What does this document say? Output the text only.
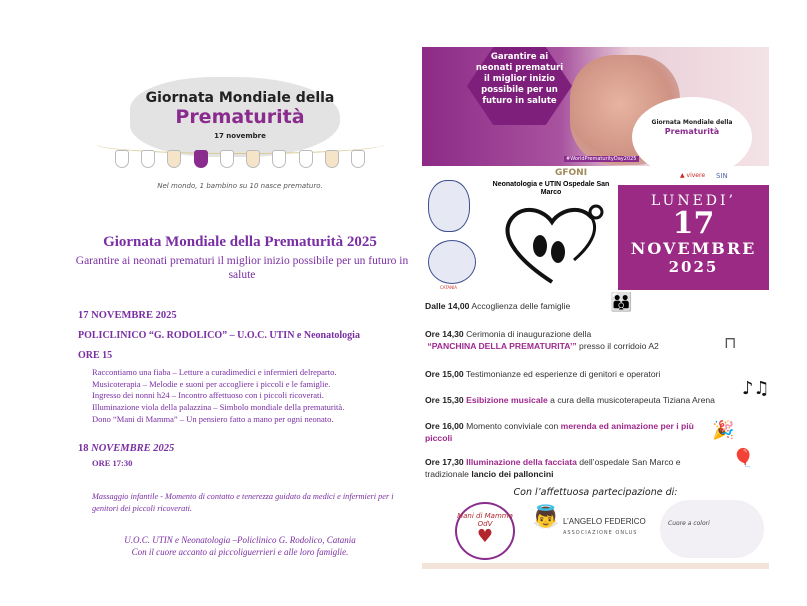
Giornata Mondiale della
Prematurità
17 novembre
Nel mondo, 1 bambino su 10 nasce prematuro.
Giornata Mondiale della Prematurità 2025
Garantire ai neonati prematuri il miglior inizio possibile per un futuro in salute
17 NOVEMBRE 2025
POLICLINICO “G. RODOLICO” – U.O.C. UTIN e Neonatologia
ORE 15
Raccontiamo una fiaba – Letture a curadimedici e infermieri delreparto.
Musicoterapia – Melodie e suoni per accogliere i piccoli e le famiglie.
Ingresso dei nonni h24 – Incontro affettuoso con i piccoli ricoverati.
Illuminazione viola della palazzina – Simbolo mondiale della prematurità.
Dono “Mani di Mamma” – Un pensiero fatto a mano per ogni neonato.
18 NOVEMBRE 2025
ORE 17:30
Massaggio infantile - Momento di contatto e tenerezza guidato da medici e infermieri per i genitori dei piccoli ricoverati.
U.O.C. UTIN e Neonatologia –Policlinico G. Rodolico, Catania
Con il cuore accanto ai piccoliguerrieri e alle loro famiglie.
Garantire ai neonati prematuri il miglior inizio possibile per un futuro in salute
Giornata Mondiale della
Prematurità
#WorldPrematurityDay2025
CATANIA
GFONI	▲ vivere SIN
Neonatologia e UTIN Ospedale San Marco
LUNEDI’
17
NOVEMBRE
2025
Dalle 14,00 Accoglienza delle famiglie	👪
Ore 14,30 Cerimonia di inaugurazione della
“PANCHINA DELLA PREMATURITA’” presso il corridoio A2	⊓
Ore 15,00 Testimonianze ed esperienze di genitori e operatori
Ore 15,30 Esibizione musicale a cura della musicoterapeuta Tiziana Arena
♪♫
Ore 16,00 Momento conviviale con merenda ed animazione per i più piccoli	🎉
Ore 17,30 Illuminazione della facciata dell’ospedale San Marco e tradizionale lancio dei palloncini
🎈
Con l’affettuosa partecipazione di:
Mani di Mamma OdV
♥
👼 L’ANGELO FEDERICO
ASSOCIAZIONE ONLUS
Cuore a colori
